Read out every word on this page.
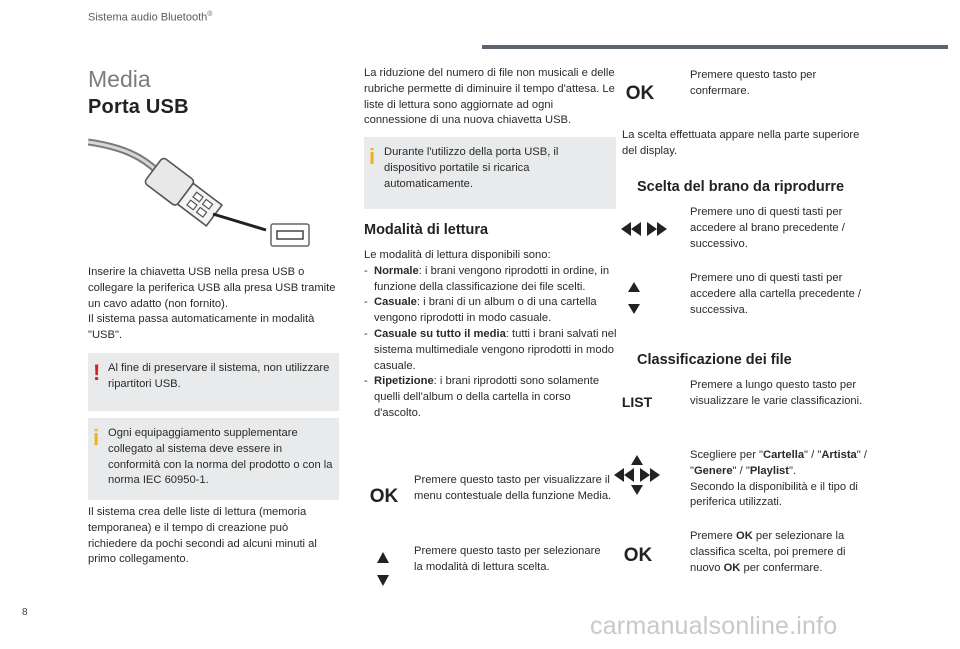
Sistema audio Bluetooth®
Media
Porta USB
Inserire la chiavetta USB nella presa USB o collegare la periferica USB alla presa USB tramite un cavo adatto (non fornito).
Il sistema passa automaticamente in modalità "USB".
! Al fine di preservare il sistema, non utilizzare ripartitori USB.
i Ogni equipaggiamento supplementare collegato al sistema deve essere in conformità con la norma del prodotto o con la norma IEC 60950-1.
Il sistema crea delle liste di lettura (memoria temporanea) e il tempo di creazione può richiedere da pochi secondi ad alcuni minuti al primo collegamento.
La riduzione del numero di file non musicali e delle rubriche permette di diminuire il tempo d'attesa. Le liste di lettura sono aggiornate ad ogni connessione di una nuova chiavetta USB.
i Durante l'utilizzo della porta USB, il dispositivo portatile si ricarica automaticamente.
Modalità di lettura
Le modalità di lettura disponibili sono:
- Normale: i brani vengono riprodotti in ordine, in funzione della classificazione dei file scelti.
- Casuale: i brani di un album o di una cartella vengono riprodotti in modo casuale.
- Casuale su tutto il media: tutti i brani salvati nel sistema multimediale vengono riprodotti in modo casuale.
- Ripetizione: i brani riprodotti sono solamente quelli dell'album o della cartella in corso d'ascolto.
OK
Premere questo tasto per visualizzare il menu contestuale della funzione Media.
Premere questo tasto per selezionare la modalità di lettura scelta.
OK
Premere questo tasto per confermare.
La scelta effettuata appare nella parte superiore del display.
Scelta del brano da riprodurre
Premere uno di questi tasti per accedere al brano precedente / successivo.
Premere uno di questi tasti per accedere alla cartella precedente / successiva.
Classificazione dei file
LIST
Premere a lungo questo tasto per visualizzare le varie classificazioni.
Scegliere per "Cartella" / "Artista" / "Genere" / "Playlist".
Secondo la disponibilità e il tipo di periferica utilizzati.
OK
Premere OK per selezionare la classifica scelta, poi premere di nuovo OK per confermare.
8	carmanualsonline.info
